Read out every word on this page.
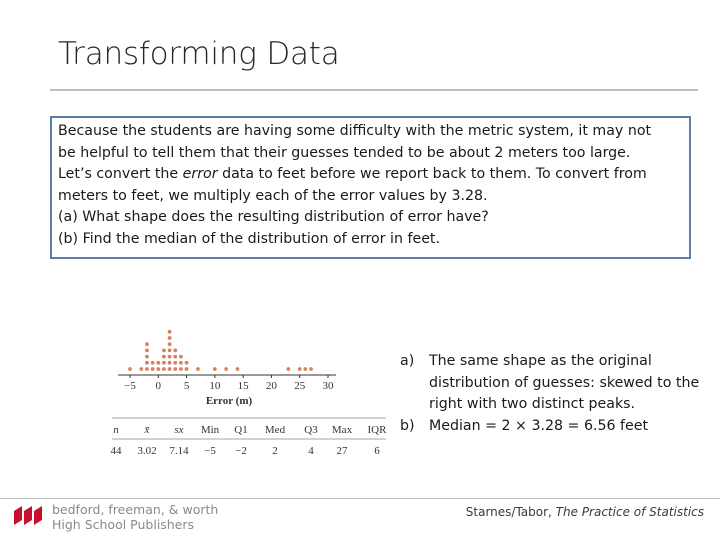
Transforming Data

Because the students are having some difficulty with the metric system, it may not

be helpful to tell them that their guesses tended to be about 2 meters too large.

Let’s convert the error data to feet before we report back to them. To convert from

meters to feet, we multiply each of the error values by 3.28.

(a) What shape does the resulting distribution of error have?

(b) Find the median of the distribution of error in feet.

−5 0 5 10 15 20 25 30
Error (m)
n x̄ sx Min Q1 Med Q3 Max IQR
44 3.02 7.14 −5 −2 2	4 27 6
a)	The same shape as the original distribution of guesses: skewed to the right with two distinct peaks.
b)	Median = 2 × 3.28 = 6.56 feet
bedford, freeman, & worth
High School Publishers
Starnes/Tabor, The Practice of Statistics
